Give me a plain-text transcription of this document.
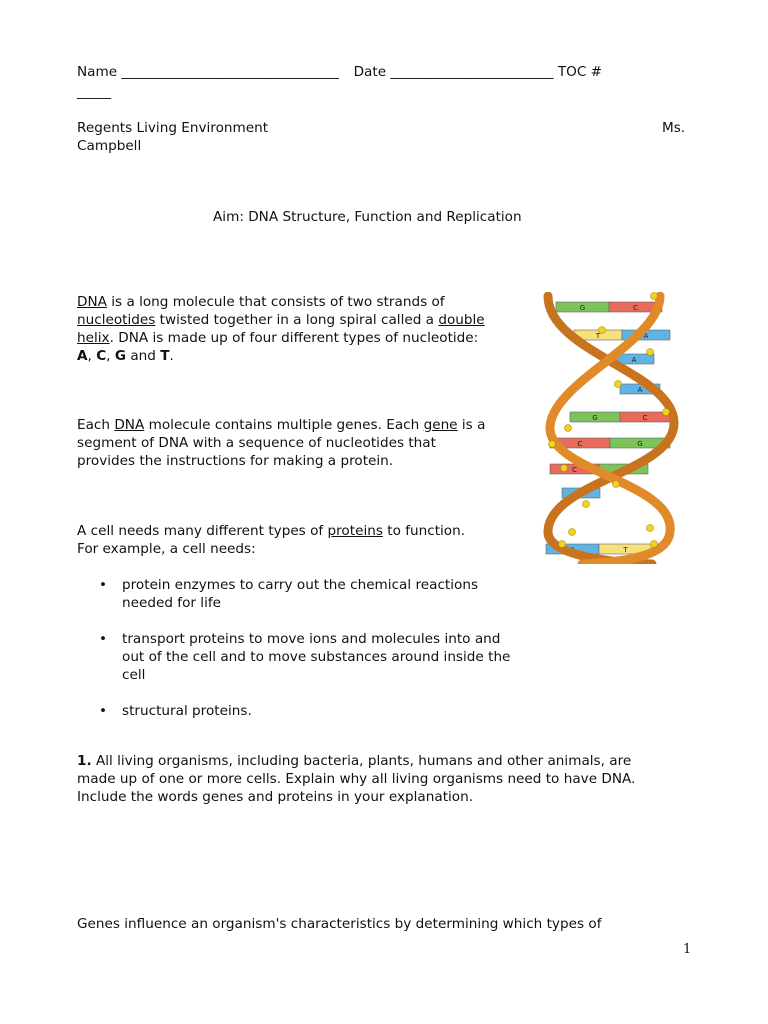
Name ________________________________ Date ________________________ TOC #
_____
Regents Living Environment	Ms.
Campbell
Aim: DNA Structure, Function and Replication
DNA is a long molecule that consists of two strands of
nucleotides twisted together in a long spiral called a double
helix. DNA is made up of four different types of nucleotide:
A, C, G and T.
Each DNA molecule contains multiple genes. Each gene is a
segment of DNA with a sequence of nucleotides that
provides the instructions for making a protein.
A cell needs many different types of proteins to function.
For example, a cell needs:
• protein enzymes to carry out the chemical reactions needed for life
• transport proteins to move ions and molecules into and out of the cell and to move substances around inside the cell
• structural proteins.
1. All living organisms, including bacteria, plants, humans and other animals, are
made up of one or more cells. Explain why all living organisms need to have DNA.
Include the words genes and proteins in your explanation.
Genes influence an organism's characteristics by determining which types of
1
G	C
T	A
A
A
G	C
C	G
C	G
A
A	T
